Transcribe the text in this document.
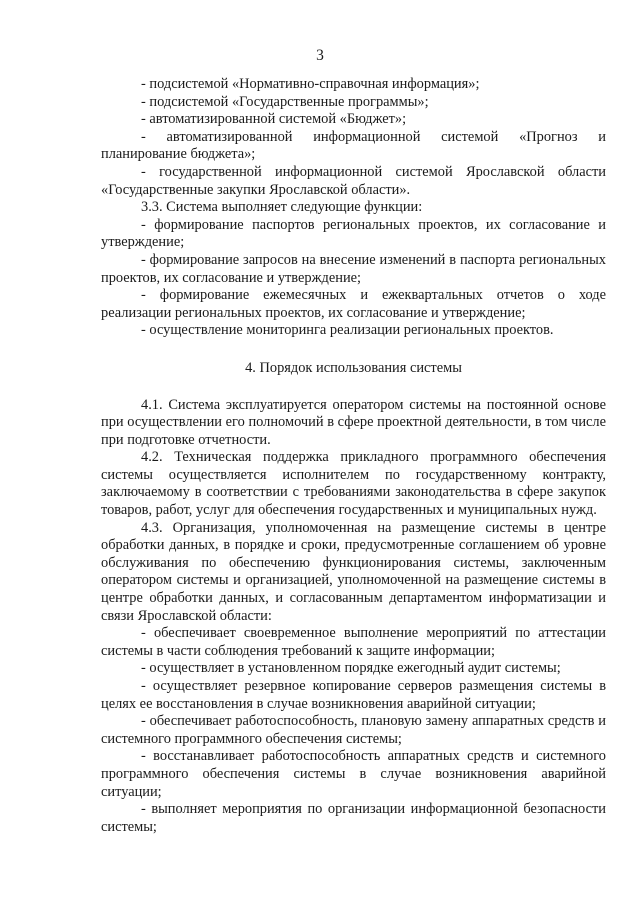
3

- подсистемой «Нормативно-справочная информация»;

- подсистемой «Государственные программы»;

- автоматизированной системой «Бюджет»;

- автоматизированной информационной системой «Прогноз и планирование бюджета»;

- государственной информационной системой Ярославской области «Государственные закупки Ярославской области».

3.3. Система выполняет следующие функции:

- формирование паспортов региональных проектов, их согласование и утверждение;

- формирование запросов на внесение изменений в паспорта региональных проектов, их согласование и утверждение;

- формирование ежемесячных и ежеквартальных отчетов о ходе реализации региональных проектов, их согласование и утверждение;

- осуществление мониторинга реализации региональных проектов.

4. Порядок использования системы

4.1. Система эксплуатируется оператором системы на постоянной основе при осуществлении его полномочий в сфере проектной деятельности, в том числе при подготовке отчетности.

4.2. Техническая поддержка прикладного программного обеспечения системы осуществляется исполнителем по государственному контракту, заключаемому в соответствии с требованиями законодательства в сфере закупок товаров, работ, услуг для обеспечения государственных и муниципальных нужд.

4.3. Организация, уполномоченная на размещение системы в центре обработки данных, в порядке и сроки, предусмотренные соглашением об уровне обслуживания по обеспечению функционирования системы, заключенным оператором системы и организацией, уполномоченной на размещение системы в центре обработки данных, и согласованным департаментом информатизации и связи Ярославской области:

- обеспечивает своевременное выполнение мероприятий по аттестации системы в части соблюдения требований к защите информации;

- осуществляет в установленном порядке ежегодный аудит системы;

- осуществляет резервное копирование серверов размещения системы в целях ее восстановления в случае возникновения аварийной ситуации;

- обеспечивает работоспособность, плановую замену аппаратных средств и системного программного обеспечения системы;

- восстанавливает работоспособность аппаратных средств и системного программного обеспечения системы в случае возникновения аварийной ситуации;

- выполняет мероприятия по организации информационной безопасности системы;
